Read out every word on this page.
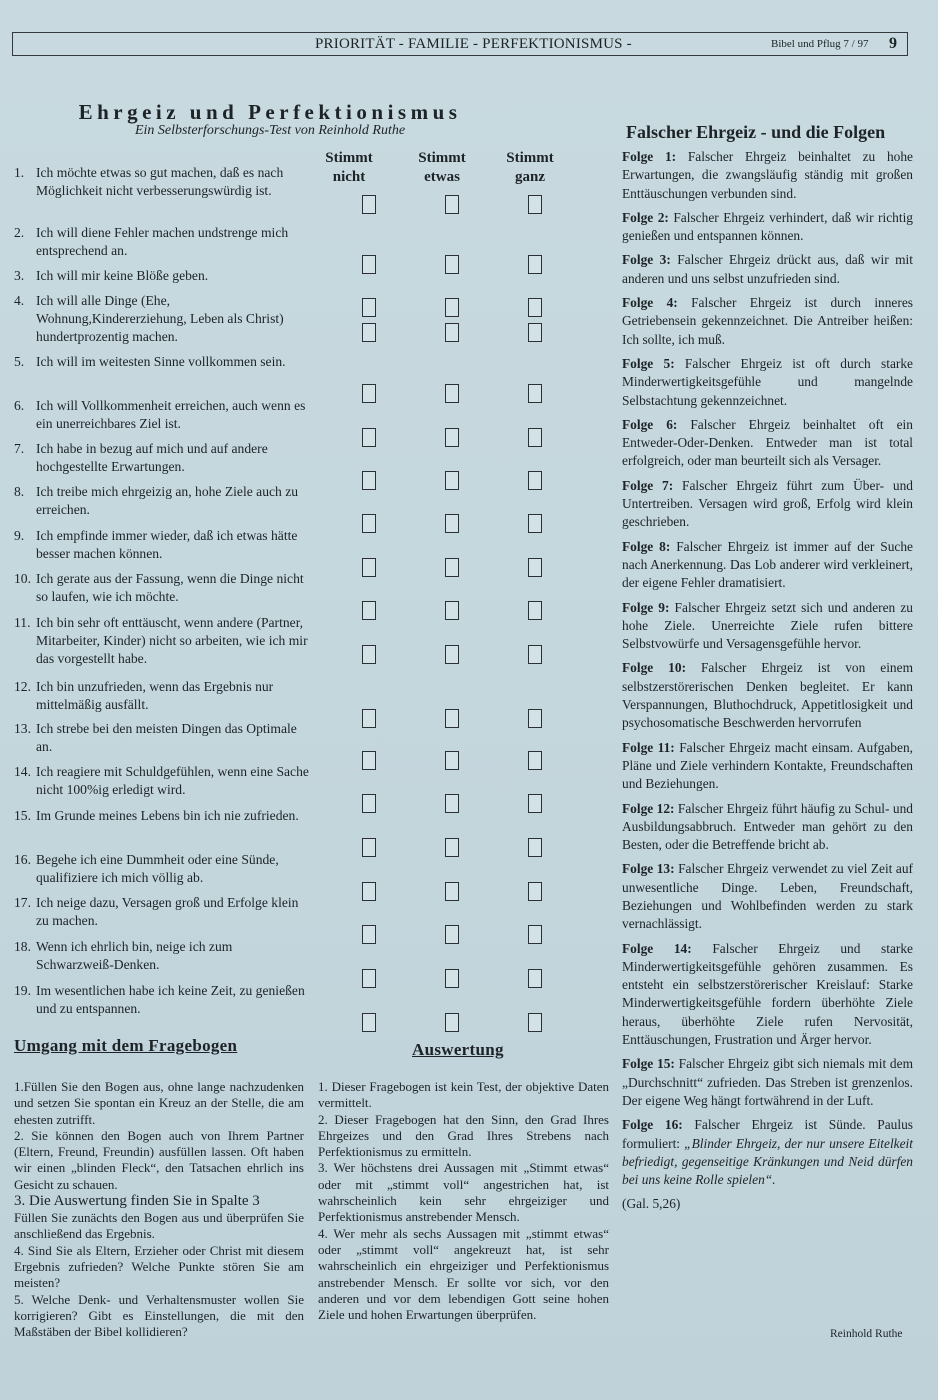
PRIORITÄT - FAMILIE - PERFEKTIONISMUS -	Bibel und Pflug 7 / 97 9
Ehrgeiz und Perfektionismus
Ein Selbsterforschungs-Test von Reinhold Ruthe
Stimmt
nicht
Stimmt
etwas
Stimmt
ganz
1. Ich möchte etwas so gut machen, daß es nach Möglichkeit nicht verbesserungswürdig ist.
2. Ich will diene Fehler machen undstrenge mich entsprechend an.
3. Ich will mir keine Blöße geben.
4. Ich will alle Dinge (Ehe, Wohnung,Kindererziehung, Leben als Christ) hundertprozentig machen.
5. Ich will im weitesten Sinne vollkommen sein.
6. Ich will Vollkommenheit erreichen, auch wenn es ein unerreichbares Ziel ist.
7. Ich habe in bezug auf mich und auf andere hochgestellte Erwartungen.
8. Ich treibe mich ehrgeizig an, hohe Ziele auch zu erreichen.
9. Ich empfinde immer wieder, daß ich etwas hätte besser machen können.
10. Ich gerate aus der Fassung, wenn die Dinge nicht so laufen, wie ich möchte.
11. Ich bin sehr oft enttäuscht, wenn andere (Partner, Mitarbeiter, Kinder) nicht so arbeiten, wie ich mir das vorgestellt habe.
12. Ich bin unzufrieden, wenn das Ergebnis nur mittelmäßig ausfällt.
13. Ich strebe bei den meisten Dingen das Optimale an.
14. Ich reagiere mit Schuldgefühlen, wenn eine Sache nicht 100%ig erledigt wird.
15. Im Grunde meines Lebens bin ich nie zufrieden.
16. Begehe ich eine Dummheit oder eine Sünde, qualifiziere ich mich völlig ab.
17. Ich neige dazu, Versagen groß und Erfolge klein zu machen.
18. Wenn ich ehrlich bin, neige ich zum Schwarzweiß-Denken.
19. Im wesentlichen habe ich keine Zeit, zu genießen und zu entspannen.
Umgang mit dem Fragebogen

1.Füllen Sie den Bogen aus, ohne lange nachzudenken und setzen Sie spontan ein Kreuz an der Stelle, die am ehesten zutrifft.

2. Sie können den Bogen auch von Ihrem Partner (Eltern, Freund, Freundin) ausfüllen lassen. Oft haben wir einen „blinden Fleck“, den Tatsachen ehrlich ins Gesicht zu schauen.

3. Die Auswertung finden Sie in Spalte 3

Füllen Sie zunächts den Bogen aus und überprüfen Sie anschließend das Ergebnis.

4. Sind Sie als Eltern, Erzieher oder Christ mit diesem Ergebnis zufrieden? Welche Punkte stören Sie am meisten?

5. Welche Denk- und Verhaltensmuster wollen Sie korrigieren? Gibt es Einstellungen, die mit den Maßstäben der Bibel kollidieren?

Auswertung

1. Dieser Fragebogen ist kein Test, der objektive Daten vermittelt.

2. Dieser Fragebogen hat den Sinn, den Grad Ihres Ehrgeizes und den Grad Ihres Strebens nach Perfektionismus zu ermitteln.

3. Wer höchstens drei Aussagen mit „Stimmt etwas“ oder mit „stimmt voll“ angestrichen hat, ist wahrscheinlich kein sehr ehrgeiziger und Perfektionismus anstrebender Mensch.

4. Wer mehr als sechs Aussagen mit „stimmt etwas“ oder „stimmt voll“ angekreuzt hat, ist sehr wahrscheinlich ein ehrgeiziger und Perfektionismus anstrebender Mensch. Er sollte vor sich, vor den anderen und vor dem lebendigen Gott seine hohen Ziele und hohen Erwartungen überprüfen.

Falscher Ehrgeiz - und die Folgen

Folge 1: Falscher Ehrgeiz beinhaltet zu hohe Erwartungen, die zwangsläufig ständig mit großen Enttäuschungen verbunden sind.

Folge 2: Falscher Ehrgeiz verhindert, daß wir richtig genießen und entspannen können.

Folge 3: Falscher Ehrgeiz drückt aus, daß wir mit anderen und uns selbst unzufrieden sind.

Folge 4: Falscher Ehrgeiz ist durch inneres Getriebensein gekennzeichnet. Die Antreiber heißen: Ich sollte, ich muß.

Folge 5: Falscher Ehrgeiz ist oft durch starke Minderwertigkeitsgefühle und mangelnde Selbstachtung gekennzeichnet.

Folge 6: Falscher Ehrgeiz beinhaltet oft ein Entweder-Oder-Denken. Entweder man ist total erfolgreich, oder man beurteilt sich als Versager.

Folge 7: Falscher Ehrgeiz führt zum Über- und Untertreiben. Versagen wird groß, Erfolg wird klein geschrieben.

Folge 8: Falscher Ehrgeiz ist immer auf der Suche nach Anerkennung. Das Lob anderer wird verkleinert, der eigene Fehler dramatisiert.

Folge 9: Falscher Ehrgeiz setzt sich und anderen zu hohe Ziele. Unerreichte Ziele rufen bittere Selbstvowürfe und Versagensgefühle hervor.

Folge 10: Falscher Ehrgeiz ist von einem selbstzerstörerischen Denken begleitet. Er kann Verspannungen, Bluthochdruck, Appetitlosigkeit und psychosomatische Beschwerden hervorrufen

Folge 11: Falscher Ehrgeiz macht einsam. Aufgaben, Pläne und Ziele verhindern Kontakte, Freundschaften und Beziehungen.

Folge 12: Falscher Ehrgeiz führt häufig zu Schul- und Ausbildungsabbruch. Entweder man gehört zu den Besten, oder die Betreffende bricht ab.

Folge 13: Falscher Ehrgeiz verwendet zu viel Zeit auf unwesentliche Dinge. Leben, Freundschaft, Beziehungen und Wohlbefinden werden zu stark vernachlässigt.

Folge 14: Falscher Ehrgeiz und starke Minderwertigkeitsgefühle gehören zusammen. Es entsteht ein selbstzerstörerischer Kreislauf: Starke Minderwertigkeitsgefühle fordern überhöhte Ziele heraus, überhöhte Ziele rufen Nervosität, Enttäuschungen, Frustration und Ärger hervor.

Folge 15: Falscher Ehrgeiz gibt sich niemals mit dem „Durchschnitt“ zufrieden. Das Streben ist grenzenlos. Der eigene Weg hängt fortwährend in der Luft.

Folge 16: Falscher Ehrgeiz ist Sünde. Paulus formuliert: „Blinder Ehrgeiz, der nur unsere Eitelkeit befriedigt, gegenseitige Kränkungen und Neid dürfen bei uns keine Rolle spielen“.

(Gal. 5,26)

Reinhold Ruthe
